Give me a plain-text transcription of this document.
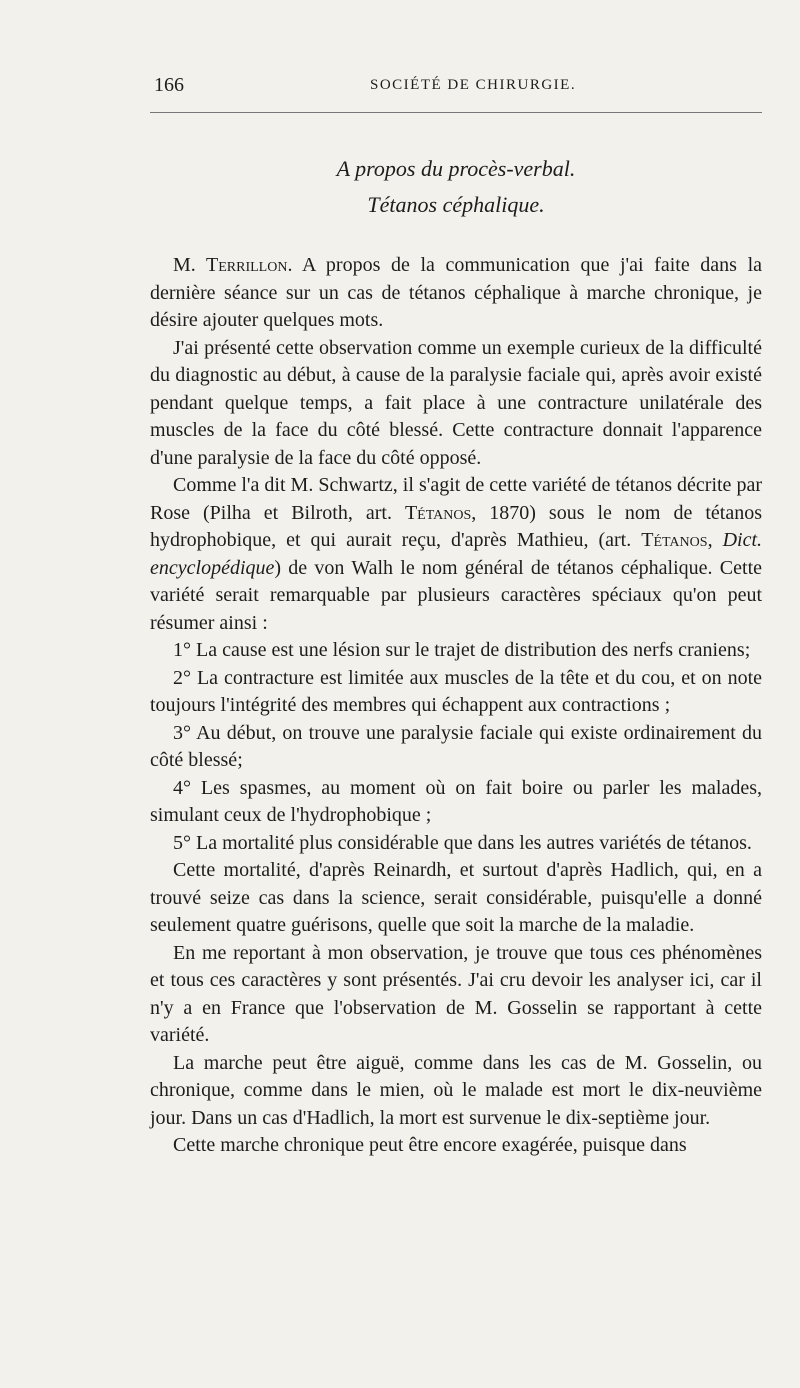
166	SOCIÉTÉ DE CHIRURGIE.
A propos du procès-verbal.
Tétanos céphalique.

M. Terrillon. A propos de la communication que j'ai faite dans la dernière séance sur un cas de tétanos céphalique à marche chronique, je désire ajouter quelques mots.

J'ai présenté cette observation comme un exemple curieux de la difficulté du diagnostic au début, à cause de la paralysie faciale qui, après avoir existé pendant quelque temps, a fait place à une contracture unilatérale des muscles de la face du côté blessé. Cette contracture donnait l'apparence d'une paralysie de la face du côté opposé.

Comme l'a dit M. Schwartz, il s'agit de cette variété de tétanos décrite par Rose (Pilha et Bilroth, art. Tétanos, 1870) sous le nom de tétanos hydrophobique, et qui aurait reçu, d'après Mathieu, (art. Tétanos, Dict. encyclopédique) de von Walh le nom général de tétanos céphalique. Cette variété serait remarquable par plusieurs caractères spéciaux qu'on peut résumer ainsi :

1° La cause est une lésion sur le trajet de distribution des nerfs craniens;

2° La contracture est limitée aux muscles de la tête et du cou, et on note toujours l'intégrité des membres qui échappent aux contractions ;

3° Au début, on trouve une paralysie faciale qui existe ordinairement du côté blessé;

4° Les spasmes, au moment où on fait boire ou parler les malades, simulant ceux de l'hydrophobique ;

5° La mortalité plus considérable que dans les autres variétés de tétanos.

Cette mortalité, d'après Reinardh, et surtout d'après Hadlich, qui, en a trouvé seize cas dans la science, serait considérable, puisqu'elle a donné seulement quatre guérisons, quelle que soit la marche de la maladie.

En me reportant à mon observation, je trouve que tous ces phénomènes et tous ces caractères y sont présentés. J'ai cru devoir les analyser ici, car il n'y a en France que l'observation de M. Gosselin se rapportant à cette variété.

La marche peut être aiguë, comme dans les cas de M. Gosselin, ou chronique, comme dans le mien, où le malade est mort le dix-neuvième jour. Dans un cas d'Hadlich, la mort est survenue le dix-septième jour.

Cette marche chronique peut être encore exagérée, puisque dans
